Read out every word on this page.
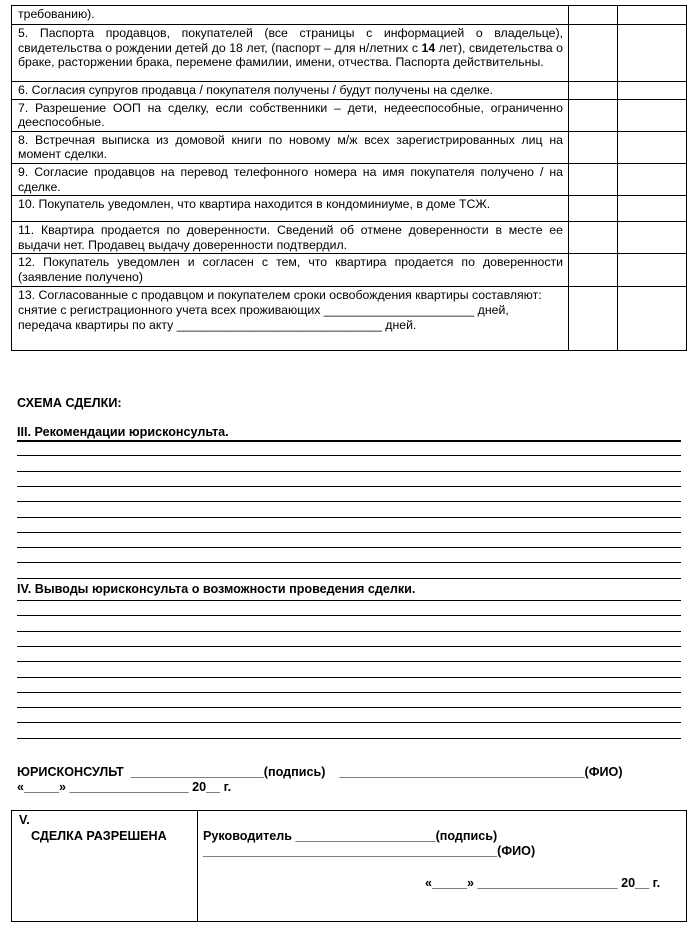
требованию).		
5. Паспорта продавцов, покупателей (все страницы с информацией о владельце), свидетельства о рождении детей до 18 лет, (паспорт – для н/летних с 14 лет), свидетельства о браке, расторжении брака, перемене фамилии, имени, отчества. Паспорта действительны.		
6. Согласия супругов продавца / покупателя получены / будут получены на сделке.		
7. Разрешение ООП на сделку, если собственники – дети, недееспособные, ограниченно дееспособные.		
8. Встречная выписка из домовой книги по новому м/ж всех зарегистрированных лиц на момент сделки.		
9. Согласие продавцов на перевод телефонного номера на имя покупателя получено / на сделке.		
10. Покупатель уведомлен, что квартира находится в кондоминиуме, в доме ТСЖ.		
11. Квартира продается по доверенности. Сведений об отмене доверенности в месте ее выдачи нет. Продавец выдачу доверенности подтвердил.		
12. Покупатель уведомлен и согласен с тем, что квартира продается по доверенности (заявление получено)		

13. Согласованные с продавцом и покупателем сроки освобождения квартиры составляют:
снятие с регистрационного учета всех проживающих ______________________ дней,
передача квартиры по акту ______________________________ дней.		

СХЕМА СДЕЛКИ:
III. Рекомендации юрисконсульта.
IV. Выводы юрисконсульта о возможности проведения сделки.
ЮРИСКОНСУЛЬТ  ___________________(подпись)    ___________________________________(ФИО)
«_____» _________________ 20__ г.
V.
СДЕЛКА РАЗРЕШЕНА	Руководитель ____________________(подпись)
__________________________________________(ФИО)
«_____» ____________________ 20__ г.
